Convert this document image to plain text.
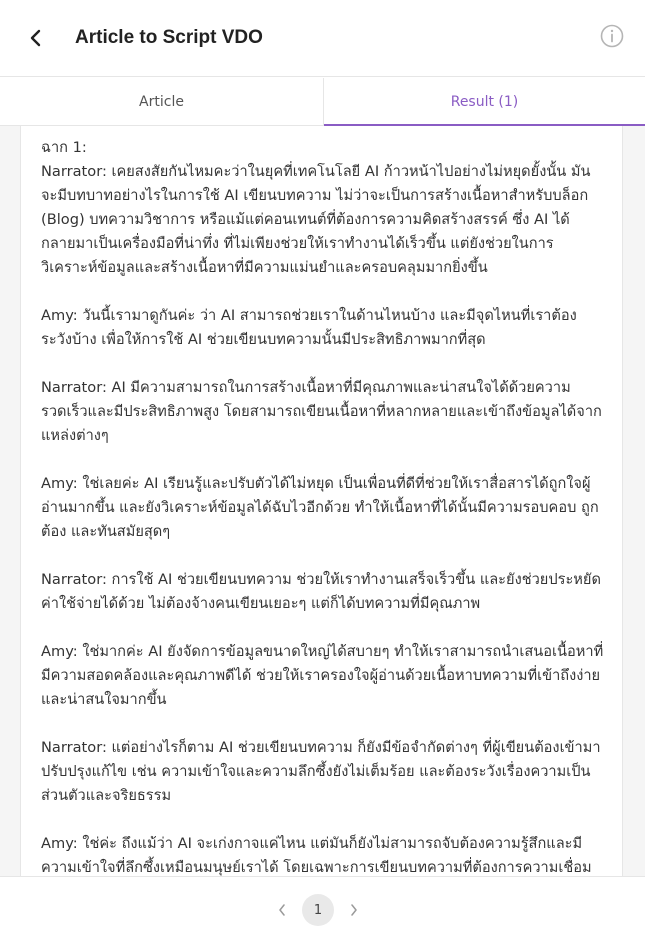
Article to Script VDO
Article	Result (1)
ฉาก 1:
Narrator: เคยสงสัยกันไหมคะว่าในยุคที่เทคโนโลยี AI ก้าวหน้าไปอย่างไม่หยุดยั้งนั้น มันจะมีบทบาทอย่างไรในการใช้ AI เขียนบทความ ไม่ว่าจะเป็นการสร้างเนื้อหาสำหรับบล็อก (Blog) บทความวิชาการ หรือแม้แต่คอนเทนต์ที่ต้องการความคิดสร้างสรรค์ ซึ่ง AI ได้กลายมาเป็นเครื่องมือที่น่าทึ่ง ที่ไม่เพียงช่วยให้เราทำงานได้เร็วขึ้น แต่ยังช่วยในการวิเคราะห์ข้อมูลและสร้างเนื้อหาที่มีความแม่นยำและครอบคลุมมากยิ่งขึ้น
Amy: วันนี้เรามาดูกันค่ะ ว่า AI สามารถช่วยเราในด้านไหนบ้าง และมีจุดไหนที่เราต้องระวังบ้าง เพื่อให้การใช้ AI ช่วยเขียนบทความนั้นมีประสิทธิภาพมากที่สุด
Narrator: AI มีความสามารถในการสร้างเนื้อหาที่มีคุณภาพและน่าสนใจได้ด้วยความรวดเร็วและมีประสิทธิภาพสูง โดยสามารถเขียนเนื้อหาที่หลากหลายและเข้าถึงข้อมูลได้จากแหล่งต่างๆ
Amy: ใช่เลยค่ะ AI เรียนรู้และปรับตัวได้ไม่หยุด เป็นเพื่อนที่ดีที่ช่วยให้เราสื่อสารได้ถูกใจผู้อ่านมากขึ้น และยังวิเคราะห์ข้อมูลได้ฉับไวอีกด้วย ทำให้เนื้อหาที่ได้นั้นมีความรอบคอบ ถูกต้อง และทันสมัยสุดๆ
Narrator: การใช้ AI ช่วยเขียนบทความ ช่วยให้เราทำงานเสร็จเร็วขึ้น และยังช่วยประหยัดค่าใช้จ่ายได้ด้วย ไม่ต้องจ้างคนเขียนเยอะๆ แต่ก็ได้บทความที่มีคุณภาพ
Amy: ใช่มากค่ะ AI ยังจัดการข้อมูลขนาดใหญ่ได้สบายๆ ทำให้เราสามารถนำเสนอเนื้อหาที่มีความสอดคล้องและคุณภาพดีได้ ช่วยให้เราครองใจผู้อ่านด้วยเนื้อหาบทความที่เข้าถึงง่ายและน่าสนใจมากขึ้น
Narrator: แต่อย่างไรก็ตาม AI ช่วยเขียนบทความ ก็ยังมีข้อจำกัดต่างๆ ที่ผู้เขียนต้องเข้ามาปรับปรุงแก้ไข เช่น ความเข้าใจและความลึกซึ้งยังไม่เต็มร้อย และต้องระวังเรื่องความเป็นส่วนตัวและจริยธรรม
Amy: ใช่ค่ะ ถึงแม้ว่า AI จะเก่งกาจแค่ไหน แต่มันก็ยังไม่สามารถจับต้องความรู้สึกและมีความเข้าใจที่ลึกซึ้งเหมือนมนุษย์เราได้ โดยเฉพาะการเขียนบทความที่ต้องการความเชื่อม
1
